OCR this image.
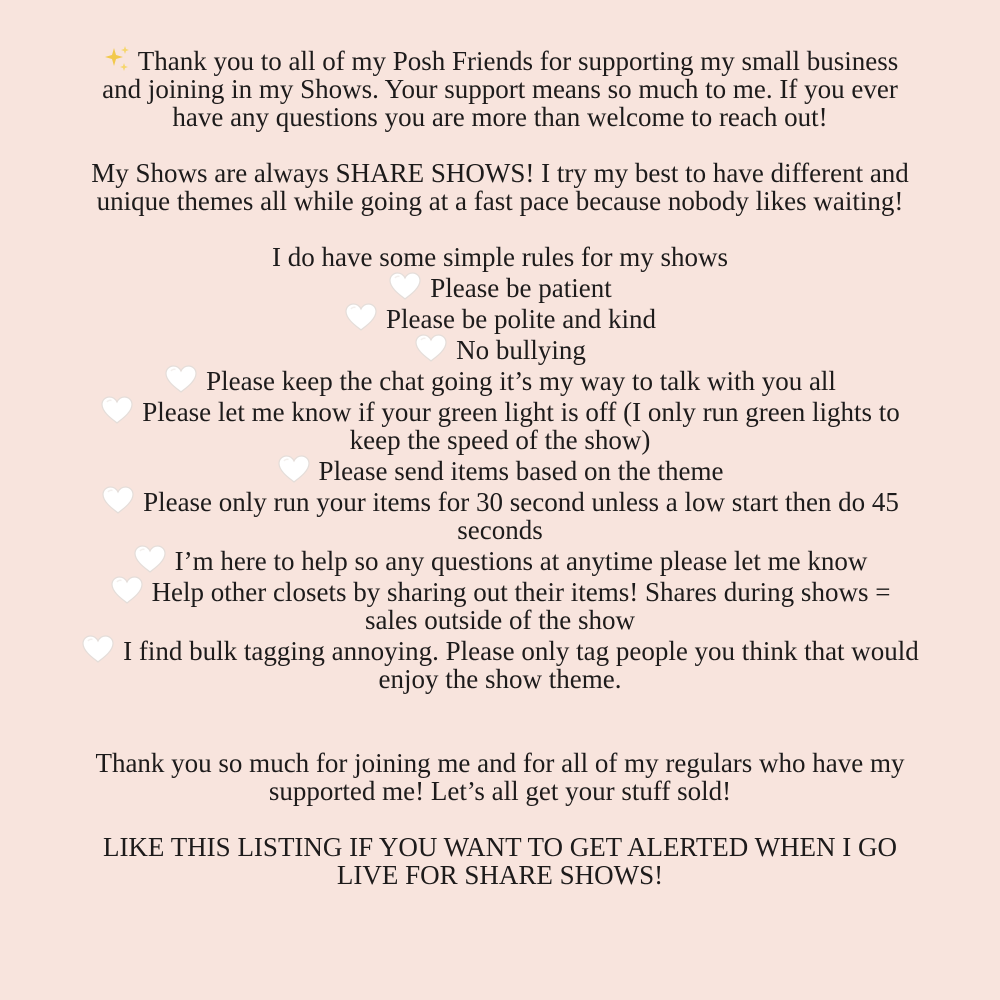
Thank you to all of my Posh Friends for supporting my small business and joining in my Shows. Your support means so much to me. If you ever have any questions you are more than welcome to reach out!

My Shows are always SHARE SHOWS! I try my best to have different and unique themes all while going at a fast pace because nobody likes waiting!

I do have some simple rules for my shows

Please be patient

Please be polite and kind

No bullying

Please keep the chat going it’s my way to talk with you all

Please let me know if your green light is off (I only run green lights to keep the speed of the show)

Please send items based on the theme

Please only run your items for 30 second unless a low start then do 45 seconds

I’m here to help so any questions at anytime please let me know

Help other closets by sharing out their items! Shares during shows = sales outside of the show

I find bulk tagging annoying. Please only tag people you think that would enjoy the show theme.

Thank you so much for joining me and for all of my regulars who have my supported me! Let’s all get your stuff sold!

LIKE THIS LISTING IF YOU WANT TO GET ALERTED WHEN I GO LIVE FOR SHARE SHOWS!
